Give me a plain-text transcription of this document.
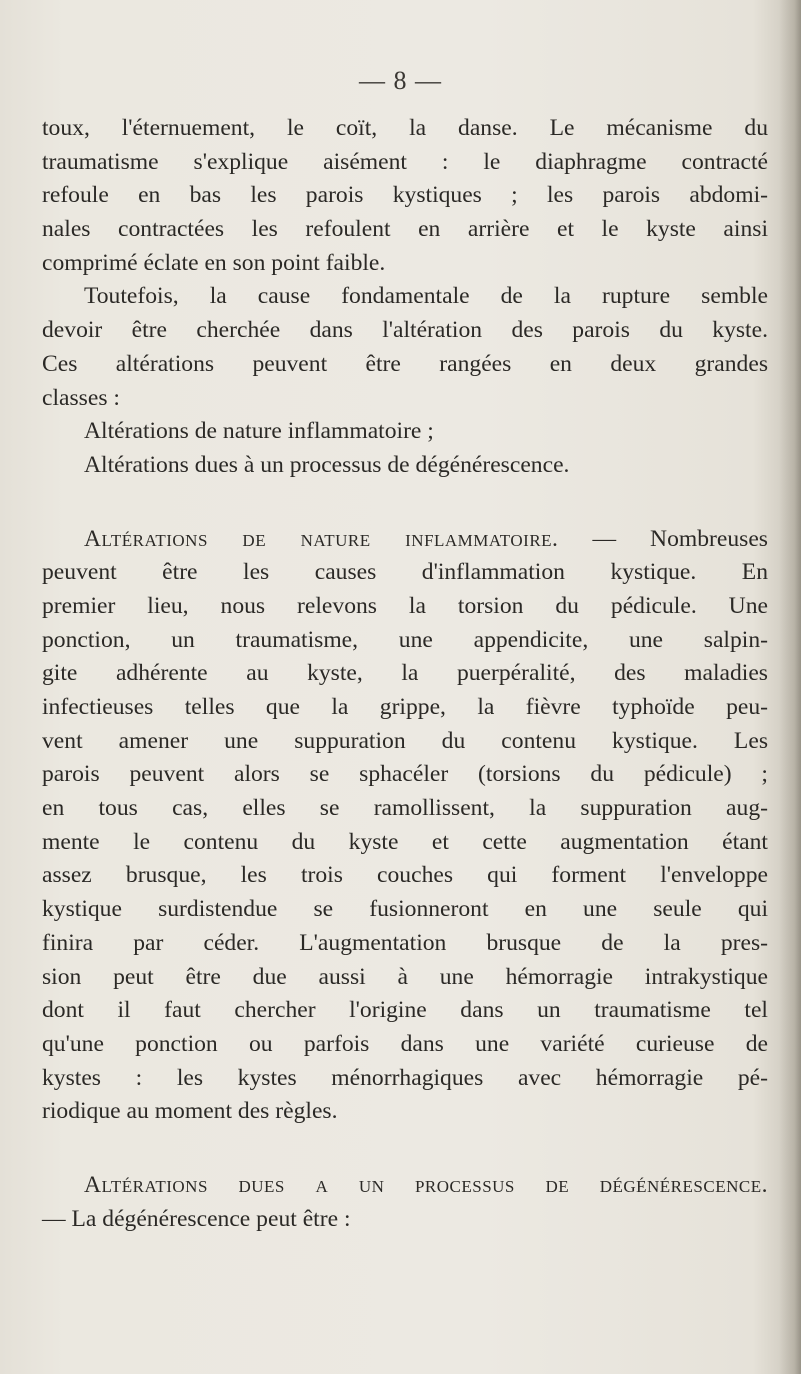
— 8 —
toux, l'éternuement, le coït, la danse. Le mécanisme du
traumatisme s'explique aisément : le diaphragme contracté
refoule en bas les parois kystiques ; les parois abdomi-
nales contractées les refoulent en arrière et le kyste ainsi
comprimé éclate en son point faible.
Toutefois, la cause fondamentale de la rupture semble
devoir être cherchée dans l'altération des parois du kyste.
Ces altérations peuvent être rangées en deux grandes
classes :
Altérations de nature inflammatoire ;
Altérations dues à un processus de dégénérescence.
Altérations de nature inflammatoire. — Nombreuses
peuvent être les causes d'inflammation kystique. En
premier lieu, nous relevons la torsion du pédicule. Une
ponction, un traumatisme, une appendicite, une salpin-
gite adhérente au kyste, la puerpéralité, des maladies
infectieuses telles que la grippe, la fièvre typhoïde peu-
vent amener une suppuration du contenu kystique. Les
parois peuvent alors se sphacéler (torsions du pédicule) ;
en tous cas, elles se ramollissent, la suppuration aug-
mente le contenu du kyste et cette augmentation étant
assez brusque, les trois couches qui forment l'enveloppe
kystique surdistendue se fusionneront en une seule qui
finira par céder. L'augmentation brusque de la pres-
sion peut être due aussi à une hémorragie intrakystique
dont il faut chercher l'origine dans un traumatisme tel
qu'une ponction ou parfois dans une variété curieuse de
kystes : les kystes ménorrhagiques avec hémorragie pé-
riodique au moment des règles.
Altérations dues a un processus de dégénérescence.
— La dégénérescence peut être :
